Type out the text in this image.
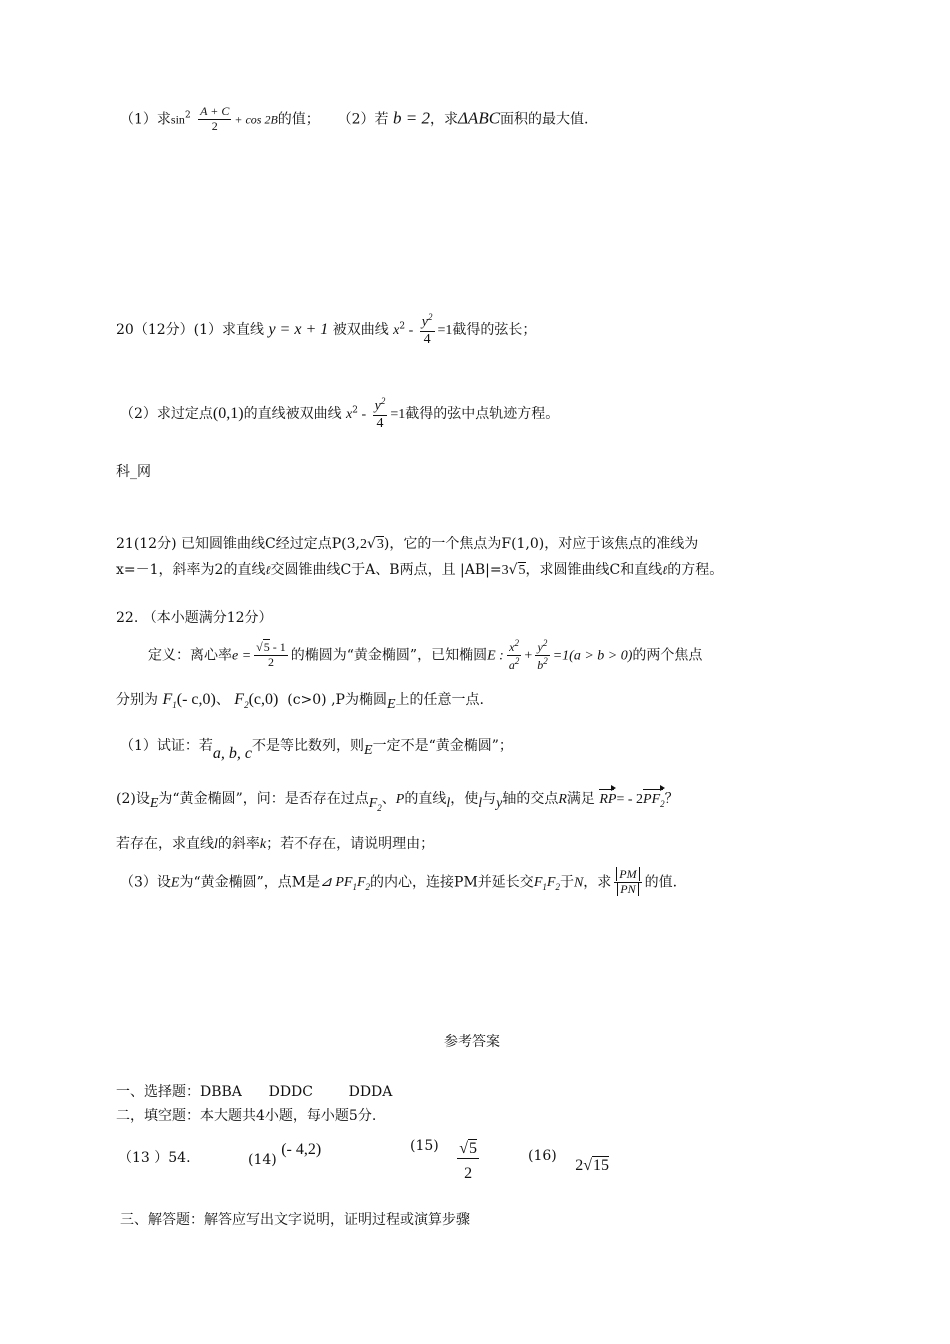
（1）求$\sin^2 \frac{A + C}{2} + \cos 2B$的值； （2）若 b = 2，求ΔABC面积的最大值.
20（12分）(1）求直线 y = x + 1 被双曲线 $x^2 - \frac{y^2}{4} =1$截得的弦长；
（2）求过定点(0,1)的直线被双曲线 $x^2 - \frac{y^2}{4} =1$截得的弦中点轨迹方程。
科_网
21(12分) 已知圆锥曲线C经过定点P(3,2√3)，它的一个焦点为F(1,0)，对应于该焦点的准线为
x=－1，斜率为2的直线ℓ交圆锥曲线C于A、B两点，且 |AB|=3√5，求圆锥曲线C和直线ℓ的方程。
22. （本小题满分12分）
定义：离心率$e = \frac{√5 - 1}{2}$ 的椭圆为“黄金椭圆”，已知椭圆E : $\frac{x^2}{a^2} + \frac{y^2}{b^2} =1(a > b > 0)$的两个焦点
分别为 $F_1(-$ c,0)、 $F_2(c,0)$ (c>0) ,P为椭圆$_E$上的任意一点.
（1）试证：若a, b, c不是等比数列，则$_E$一定不是“黄金椭圆”；
(2)设$_E$为“黄金椭圆”，问：是否存在过点$_{F_2}$、P的直线$_l$，使$_l$与$_y$轴的交点R满足 $RP= - 2PF_2$？
若存在，求直线l的斜率k；若不存在，请说明理由；
（3）设E为“黄金椭圆”，点M是⊿ $PF_1F_2$的内心，连接PM并延长交$F_1F_2$于N，求 $\frac{PM}{PN}$ 的值.
参考答案
一、选择题：DBBA      DDDC        DDDA
二，填空题：本大题共4小题，每小题5分.
（13 ）54.	(14) (- 4,2)	$(15) \frac{√5}{2}$	(16) 2√15
三、解答题：解答应写出文字说明，证明过程或演算步骤
